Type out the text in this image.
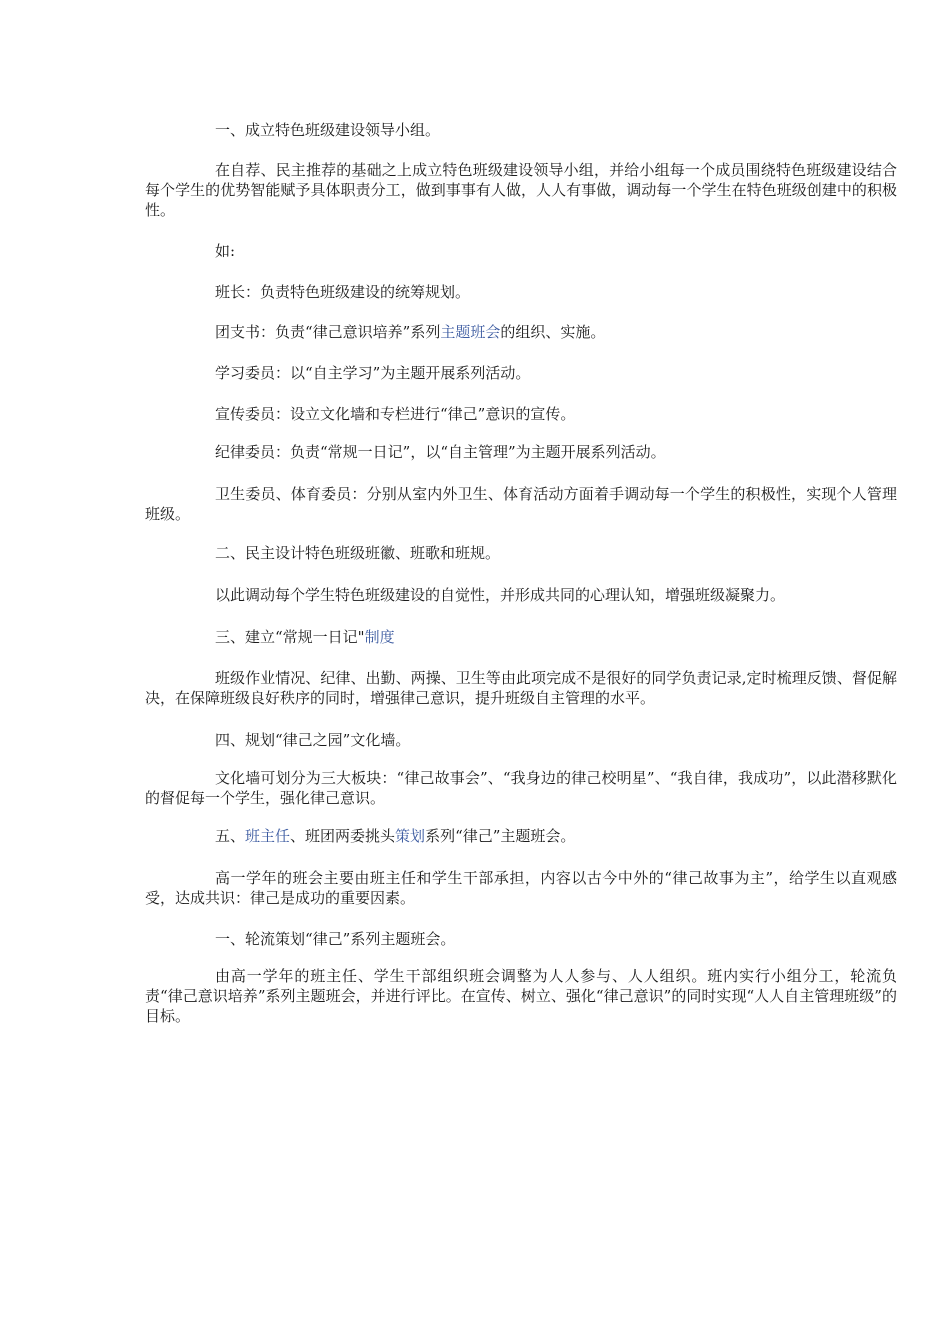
一、成立特色班级建设领导小组。

在自荐、民主推荐的基础之上成立特色班级建设领导小组，并给小组每一个成员围绕特色班级建设结合每个学生的优势智能赋予具体职责分工，做到事事有人做，人人有事做，调动每一个学生在特色班级创建中的积极性。

如:

班长：负责特色班级建设的统筹规划。

团支书：负责“律己意识培养”系列主题班会的组织、实施。

学习委员：以“自主学习”为主题开展系列活动。

宣传委员：设立文化墙和专栏进行“律己”意识的宣传。

纪律委员：负责“常规一日记”，以“自主管理”为主题开展系列活动。

卫生委员、体育委员：分别从室内外卫生、体育活动方面着手调动每一个学生的积极性，实现个人管理班级。

二、民主设计特色班级班徽、班歌和班规。

以此调动每个学生特色班级建设的自觉性，并形成共同的心理认知，增强班级凝聚力。

三、建立“常规一日记"制度

班级作业情况、纪律、出勤、两操、卫生等由此项完成不是很好的同学负责记录,定时梳理反馈、督促解决，在保障班级良好秩序的同时，增强律己意识，提升班级自主管理的水平。

四、规划“律己之园”文化墙。

文化墙可划分为三大板块：“律己故事会”、“我身边的律己校明星”、“我自律，我成功”，以此潜移默化的督促每一个学生，强化律己意识。

五、班主任、班团两委挑头策划系列“律己”主题班会。

高一学年的班会主要由班主任和学生干部承担，内容以古今中外的“律己故事为主”，给学生以直观感受，达成共识：律己是成功的重要因素。

一、轮流策划“律己”系列主题班会。

由高一学年的班主任、学生干部组织班会调整为人人参与、人人组织。班内实行小组分工，轮流负责“律己意识培养”系列主题班会，并进行评比。在宣传、树立、强化“律己意识”的同时实现“人人自主管理班级”的目标。
